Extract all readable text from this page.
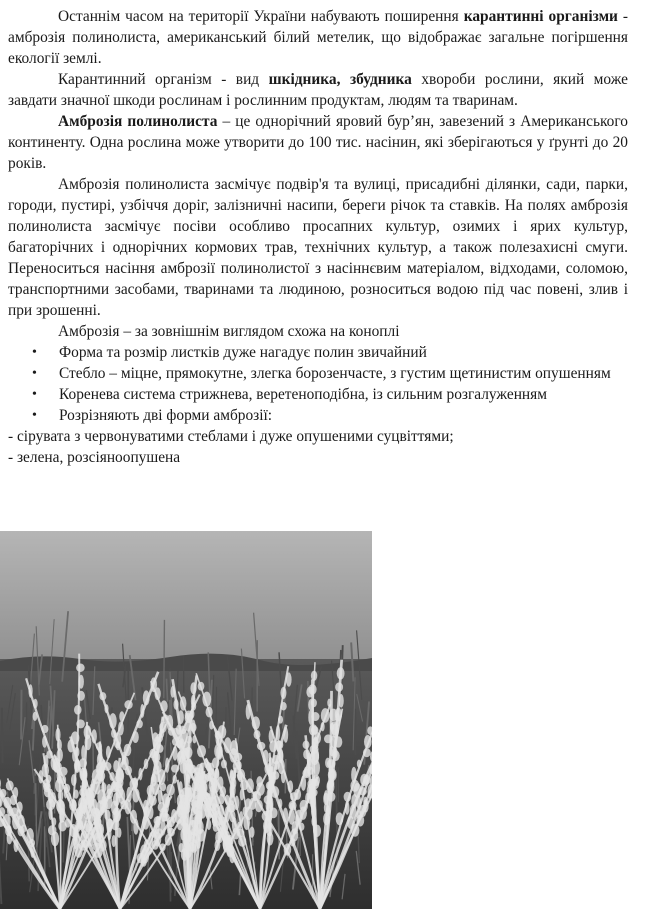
Останнім часом на території України набувають поширення карантинні організми - амброзія полинолиста, американський білий метелик, що відображає загальне погіршення екології землі.

Карантинний організм - вид шкідника, збудника хвороби рослини, який може завдати значної шкоди рослинам і рослинним продуктам, людям та тваринам.

Амброзія полинолиста – це однорічний яровий бур’ян, завезений з Американського континенту. Одна рослина може утворити до 100 тис. насінин, які зберігаються у ґрунті до 20 років.

Амброзія полинолиста засмічує подвір'я та вулиці, присадибні ділянки, сади, парки, городи, пустирі, узбіччя доріг, залізничні насипи, береги річок та ставків. На полях амброзія полинолиста засмічує посіви особливо просапних культур, озимих і ярих культур, багаторічних і однорічних кормових трав, технічних культур, а також полезахисні смуги. Переноситься насіння амброзії полинолистої з насіннєвим матеріалом, відходами, соломою, транспортними засобами, тваринами та людиною, розноситься водою під час повені, злив і при зрошенні.

Амброзія – за зовнішнім виглядом схожа на коноплі

• Форма та розмір листків дуже нагадує полин звичайний
• Стебло – міцне, прямокутне, злегка борозенчасте, з густим щетинистим опушенням
• Коренева система стрижнева, веретеноподібна, із сильним розгалуженням
• Розрізняють дві форми амброзії:

- сірувата з червонуватими стеблами і дуже опушеними суцвіттями;

- зелена, розсіяноопушена
